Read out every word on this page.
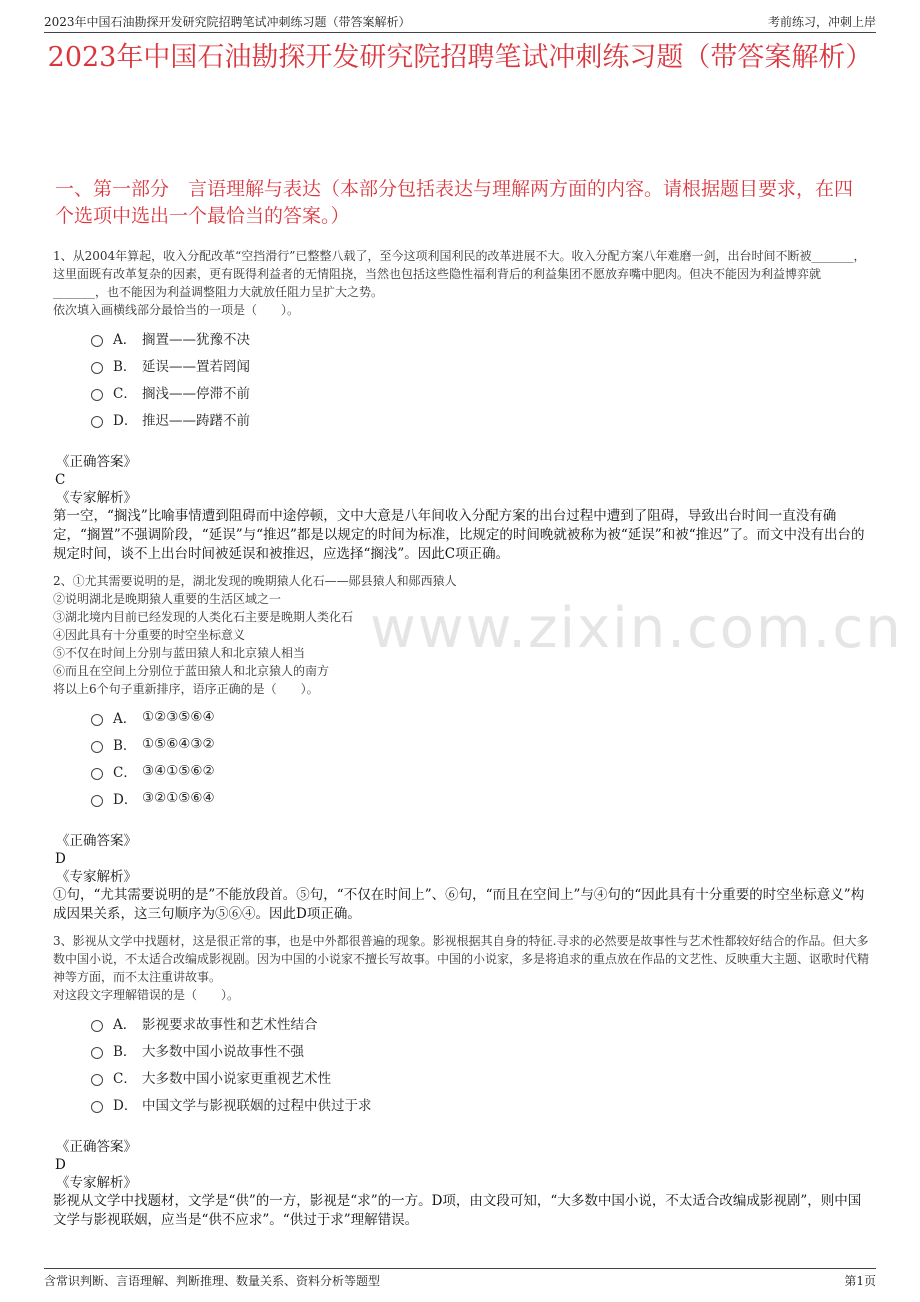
2023年中国石油勘探开发研究院招聘笔试冲刺练习题（带答案解析）	考前练习，冲刺上岸
2023年中国石油勘探开发研究院招聘笔试冲刺练习题（带答案解析）
一、第一部分　言语理解与表达（本部分包括表达与理解两方面的内容。请根据题目要求，在四个选项中选出一个最恰当的答案。）
www.zixin.com.cn

1、从2004年算起，收入分配改革“空挡滑行”已整整八载了，至今这项利国利民的改革进展不大。收入分配方案八年难磨一剑，出台时间不断被_______，这里面既有改革复杂的因素，更有既得利益者的无情阻挠，当然也包括这些隐性福利背后的利益集团不愿放弃嘴中肥肉。但决不能因为利益博弈就_______，也不能因为利益调整阻力大就放任阻力呈扩大之势。

依次填入画横线部分最恰当的一项是（　　）。

A． 搁置——犹豫不决
B． 延误——置若罔闻
C． 搁浅——停滞不前
D． 推迟——踌躇不前
《正确答案》
C
《专家解析》

第一空，“搁浅”比喻事情遭到阻碍而中途停顿，文中大意是八年间收入分配方案的出台过程中遭到了阻碍，导致出台时间一直没有确定，“搁置”不强调阶段，“延误”与“推迟”都是以规定的时间为标准，比规定的时间晚就被称为被“延误”和被“推迟”了。而文中没有出台的规定时间，谈不上出台时间被延误和被推迟，应选择“搁浅”。因此C项正确。

2、①尤其需要说明的是，湖北发现的晚期猿人化石——郧县猿人和郧西猿人

②说明湖北是晚期猿人重要的生活区域之一

③湖北境内目前已经发现的人类化石主要是晚期人类化石

④因此具有十分重要的时空坐标意义

⑤不仅在时间上分别与蓝田猿人和北京猿人相当

⑥而且在空间上分别位于蓝田猿人和北京猿人的南方

将以上6个句子重新排序，语序正确的是（　　）。

A． ①②③⑤⑥④
B． ①⑤⑥④③②
C． ③④①⑤⑥②
D． ③②①⑤⑥④
《正确答案》
D
《专家解析》

①句，“尤其需要说明的是”不能放段首。⑤句，“不仅在时间上”、⑥句，“而且在空间上”与④句的“因此具有十分重要的时空坐标意义”构成因果关系，这三句顺序为⑤⑥④。因此D项正确。

3、影视从文学中找题材，这是很正常的事，也是中外都很普遍的现象。影视根据其自身的特征.寻求的必然要是故事性与艺术性都较好结合的作品。但大多数中国小说，不太适合改编成影视剧。因为中国的小说家不擅长写故事。中国的小说家，多是将追求的重点放在作品的文艺性、反映重大主题、讴歌时代精神等方面，而不太注重讲故事。

对这段文字理解错误的是（　　）。

A． 影视要求故事性和艺术性结合
B． 大多数中国小说故事性不强
C． 大多数中国小说家更重视艺术性
D． 中国文学与影视联姻的过程中供过于求
《正确答案》
D
《专家解析》

影视从文学中找题材，文学是“供”的一方，影视是“求”的一方。D项，由文段可知，“大多数中国小说，不太适合改编成影视剧”，则中国文学与影视联姻，应当是“供不应求”。“供过于求”理解错误。

含常识判断、言语理解、判断推理、数量关系、资料分析等题型	第1页
